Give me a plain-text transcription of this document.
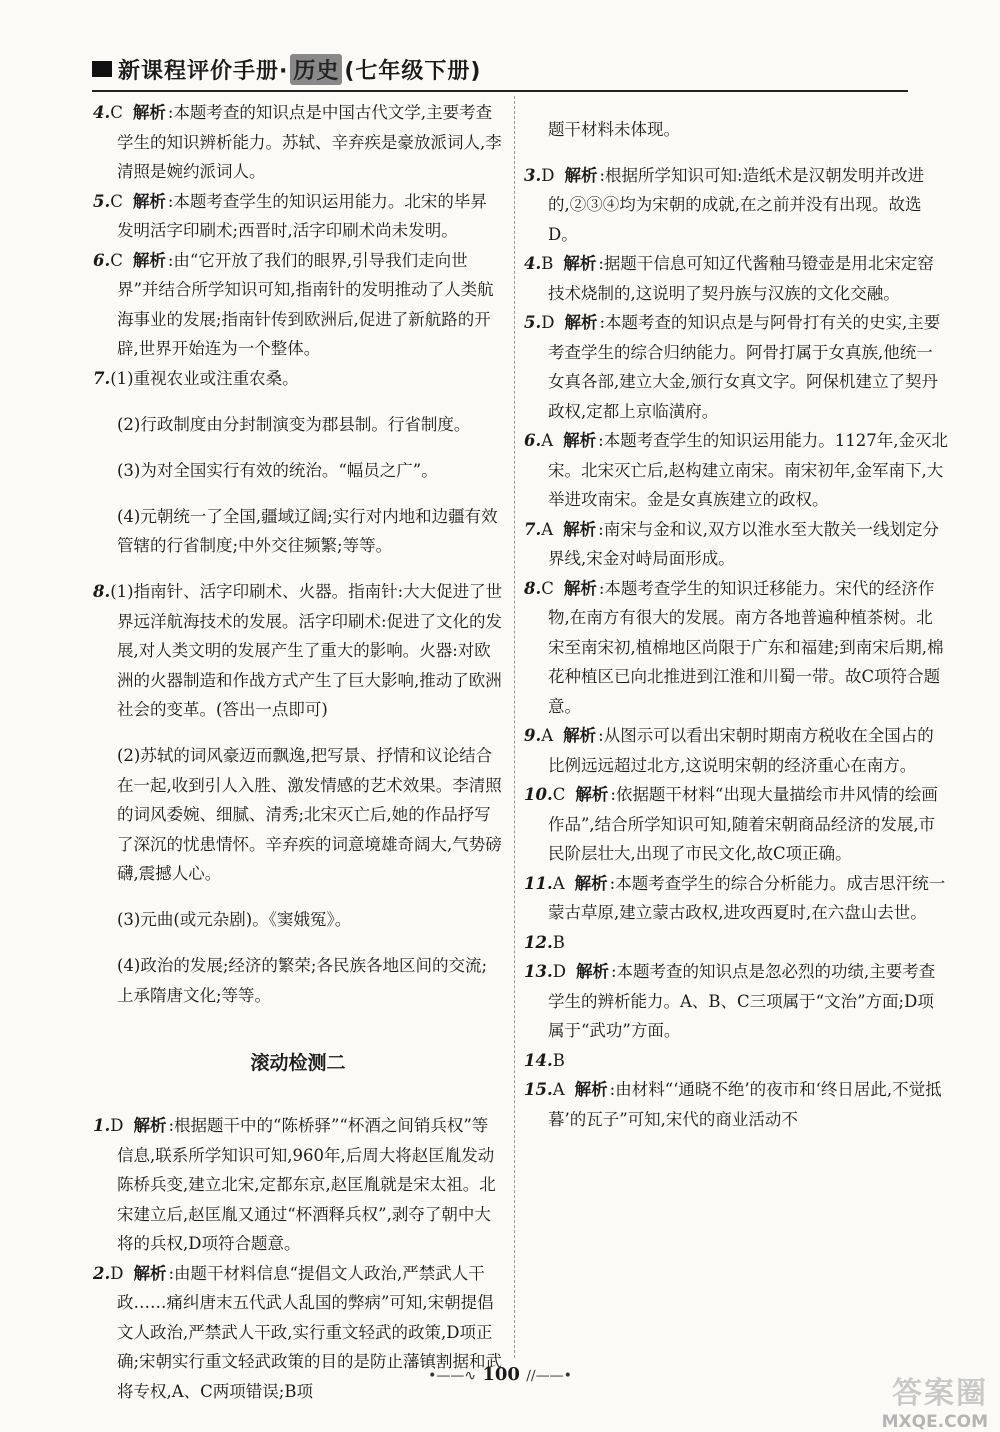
新课程评价手册· 历史 (七年级下册)

4.C 解析 :本题考查的知识点是中国古代文学,主要考查学生的知识辨析能力。苏轼、辛弃疾是豪放派词人,李清照是婉约派词人。

5.C 解析 :本题考查学生的知识运用能力。北宋的毕昇发明活字印刷术;西晋时,活字印刷术尚未发明。

6.C 解析 :由“它开放了我们的眼界,引导我们走向世界”并结合所学知识可知,指南针的发明推动了人类航海事业的发展;指南针传到欧洲后,促进了新航路的开辟,世界开始连为一个整体。

7.(1)重视农业或注重农桑。

(2)行政制度由分封制演变为郡县制。行省制度。

(3)为对全国实行有效的统治。“幅员之广”。

(4)元朝统一了全国,疆域辽阔;实行对内地和边疆有效管辖的行省制度;中外交往频繁;等等。

8.(1)指南针、活字印刷术、火器。指南针:大大促进了世界远洋航海技术的发展。活字印刷术:促进了文化的发展,对人类文明的发展产生了重大的影响。火器:对欧洲的火器制造和作战方式产生了巨大影响,推动了欧洲社会的变革。(答出一点即可)

(2)苏轼的词风豪迈而飘逸,把写景、抒情和议论结合在一起,收到引人入胜、激发情感的艺术效果。李清照的词风委婉、细腻、清秀;北宋灭亡后,她的作品抒写了深沉的忧患情怀。辛弃疾的词意境雄奇阔大,气势磅礴,震撼人心。

(3)元曲(或元杂剧)。《窦娥冤》。

(4)政治的发展;经济的繁荣;各民族各地区间的交流;上承隋唐文化;等等。

滚动检测二

1.D 解析 :根据题干中的“陈桥驿”“杯酒之间销兵权”等信息,联系所学知识可知,960年,后周大将赵匡胤发动陈桥兵变,建立北宋,定都东京,赵匡胤就是宋太祖。北宋建立后,赵匡胤又通过“杯酒释兵权”,剥夺了朝中大将的兵权,D项符合题意。

2.D 解析 :由题干材料信息“提倡文人政治,严禁武人干政……痛纠唐末五代武人乱国的弊病”可知,宋朝提倡文人政治,严禁武人干政,实行重文轻武的政策,D项正确;宋朝实行重文轻武政策的目的是防止藩镇割据和武将专权,A、C两项错误;B项

题干材料未体现。

3.D 解析 :根据所学知识可知:造纸术是汉朝发明并改进的,②③④均为宋朝的成就,在之前并没有出现。故选D。

4.B 解析 :据题干信息可知辽代酱釉马镫壶是用北宋定窑技术烧制的,这说明了契丹族与汉族的文化交融。

5.D 解析 :本题考查的知识点是与阿骨打有关的史实,主要考查学生的综合归纳能力。阿骨打属于女真族,他统一女真各部,建立大金,颁行女真文字。阿保机建立了契丹政权,定都上京临潢府。

6.A 解析 :本题考查学生的知识运用能力。1127年,金灭北宋。北宋灭亡后,赵构建立南宋。南宋初年,金军南下,大举进攻南宋。金是女真族建立的政权。

7.A 解析 :南宋与金和议,双方以淮水至大散关一线划定分界线,宋金对峙局面形成。

8.C 解析 :本题考查学生的知识迁移能力。宋代的经济作物,在南方有很大的发展。南方各地普遍种植茶树。北宋至南宋初,植棉地区尚限于广东和福建;到南宋后期,棉花种植区已向北推进到江淮和川蜀一带。故C项符合题意。

9.A 解析 :从图示可以看出宋朝时期南方税收在全国占的比例远远超过北方,这说明宋朝的经济重心在南方。

10.C 解析 :依据题干材料“出现大量描绘市井风情的绘画作品”,结合所学知识可知,随着宋朝商品经济的发展,市民阶层壮大,出现了市民文化,故C项正确。

11.A 解析 :本题考查学生的综合分析能力。成吉思汗统一蒙古草原,建立蒙古政权,进攻西夏时,在六盘山去世。

12.B

13.D 解析 :本题考查的知识点是忽必烈的功绩,主要考查学生的辨析能力。A、B、C三项属于“文治”方面;D项属于“武功”方面。

14.B

15.A 解析 :由材料“‘通晓不绝’的夜市和‘终日居此,不觉抵暮’的瓦子”可知,宋代的商业活动不

•——∿ 100 ∕∕——•	答案圈
MXQE.COM
